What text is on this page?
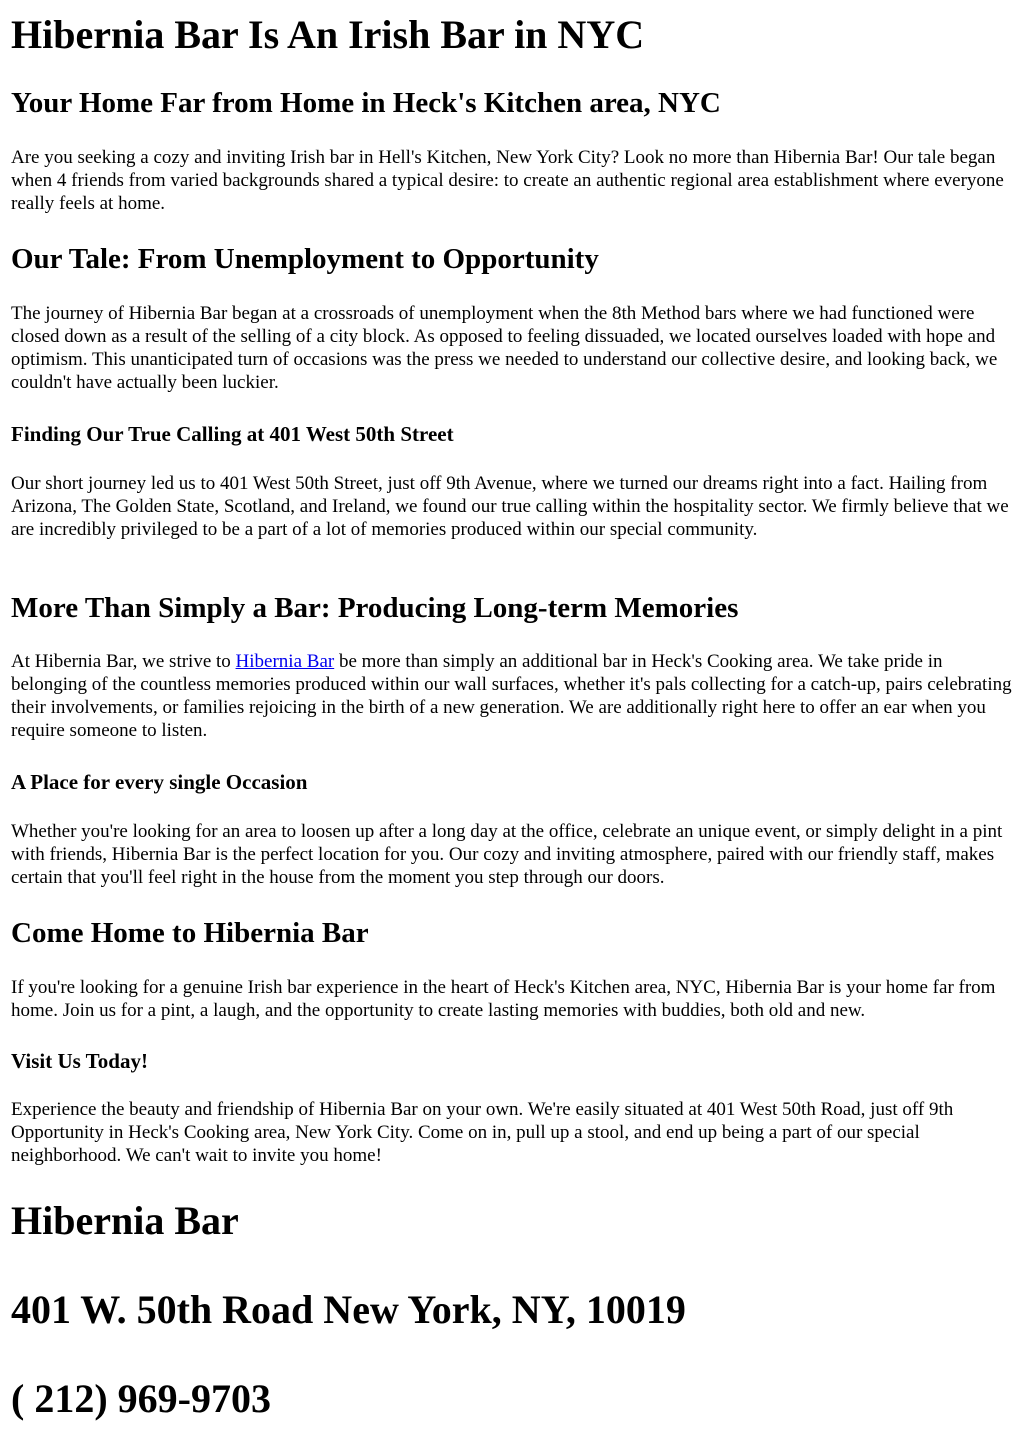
Hibernia Bar Is An Irish Bar in NYC
Your Home Far from Home in Heck's Kitchen area, NYC

Are you seeking a cozy and inviting Irish bar in Hell's Kitchen, New York City? Look no more than Hibernia Bar! Our tale began when 4 friends from varied backgrounds shared a typical desire: to create an authentic regional area establishment where everyone really feels at home.

Our Tale: From Unemployment to Opportunity

The journey of Hibernia Bar began at a crossroads of unemployment when the 8th Method bars where we had functioned were closed down as a result of the selling of a city block. As opposed to feeling dissuaded, we located ourselves loaded with hope and optimism. This unanticipated turn of occasions was the press we needed to understand our collective desire, and looking back, we couldn't have actually been luckier.

Finding Our True Calling at 401 West 50th Street

Our short journey led us to 401 West 50th Street, just off 9th Avenue, where we turned our dreams right into a fact. Hailing from Arizona, The Golden State, Scotland, and Ireland, we found our true calling within the hospitality sector. We firmly believe that we are incredibly privileged to be a part of a lot of memories produced within our special community.

More Than Simply a Bar: Producing Long-term Memories

At Hibernia Bar, we strive to Hibernia Bar be more than simply an additional bar in Heck's Cooking area. We take pride in belonging of the countless memories produced within our wall surfaces, whether it's pals collecting for a catch-up, pairs celebrating their involvements, or families rejoicing in the birth of a new generation. We are additionally right here to offer an ear when you require someone to listen.

A Place for every single Occasion

Whether you're looking for an area to loosen up after a long day at the office, celebrate an unique event, or simply delight in a pint with friends, Hibernia Bar is the perfect location for you. Our cozy and inviting atmosphere, paired with our friendly staff, makes certain that you'll feel right in the house from the moment you step through our doors.

Come Home to Hibernia Bar

If you're looking for a genuine Irish bar experience in the heart of Heck's Kitchen area, NYC, Hibernia Bar is your home far from home. Join us for a pint, a laugh, and the opportunity to create lasting memories with buddies, both old and new.

Visit Us Today!

Experience the beauty and friendship of Hibernia Bar on your own. We're easily situated at 401 West 50th Road, just off 9th Opportunity in Heck's Cooking area, New York City. Come on in, pull up a stool, and end up being a part of our special neighborhood. We can't wait to invite you home!

Hibernia Bar
401 W. 50th Road New York, NY, 10019
( 212) 969-9703
